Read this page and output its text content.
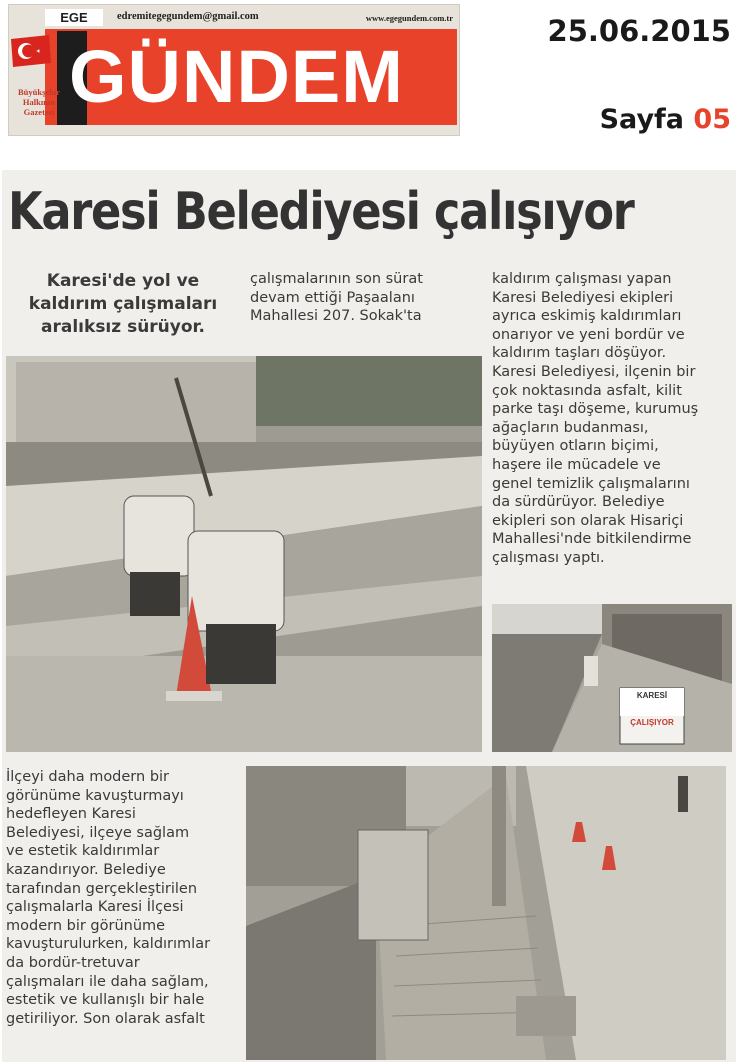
EGE	edremitegegundem@gmail.com	www.egegundem.com.tr
GÜNDEM
Büyükşehir
Halkının
Gazetesi
25.06.2015
Sayfa 05
Karesi Belediyesi çalışıyor
Karesi'de yol ve
kaldırım çalışmaları
aralıksız sürüyor.
çalışmalarının son sürat
devam ettiği Paşaalanı
Mahallesi 207. Sokak'ta
kaldırım çalışması yapan
Karesi Belediyesi ekipleri
ayrıca eskimiş kaldırımları
onarıyor ve yeni bordür ve
kaldırım taşları döşüyor.
Karesi Belediyesi, ilçenin bir
çok noktasında asfalt, kilit
parke taşı döşeme, kurumuş
ağaçların budanması,
büyüyen otların biçimi,
haşere ile mücadele ve
genel temizlik çalışmalarını
da sürdürüyor. Belediye
ekipleri son olarak Hisariçi
Mahallesi'nde bitkilendirme
çalışması yaptı.
KARESİ
ÇALIŞIYOR
İlçeyi daha modern bir
görünüme kavuşturmayı
hedefleyen Karesi
Belediyesi, ilçeye sağlam
ve estetik kaldırımlar
kazandırıyor. Belediye
tarafından gerçekleştirilen
çalışmalarla Karesi İlçesi
modern bir görünüme
kavuşturulurken, kaldırımlar
da bordür-tretuvar
çalışmaları ile daha sağlam,
estetik ve kullanışlı bir hale
getiriliyor. Son olarak asfalt
